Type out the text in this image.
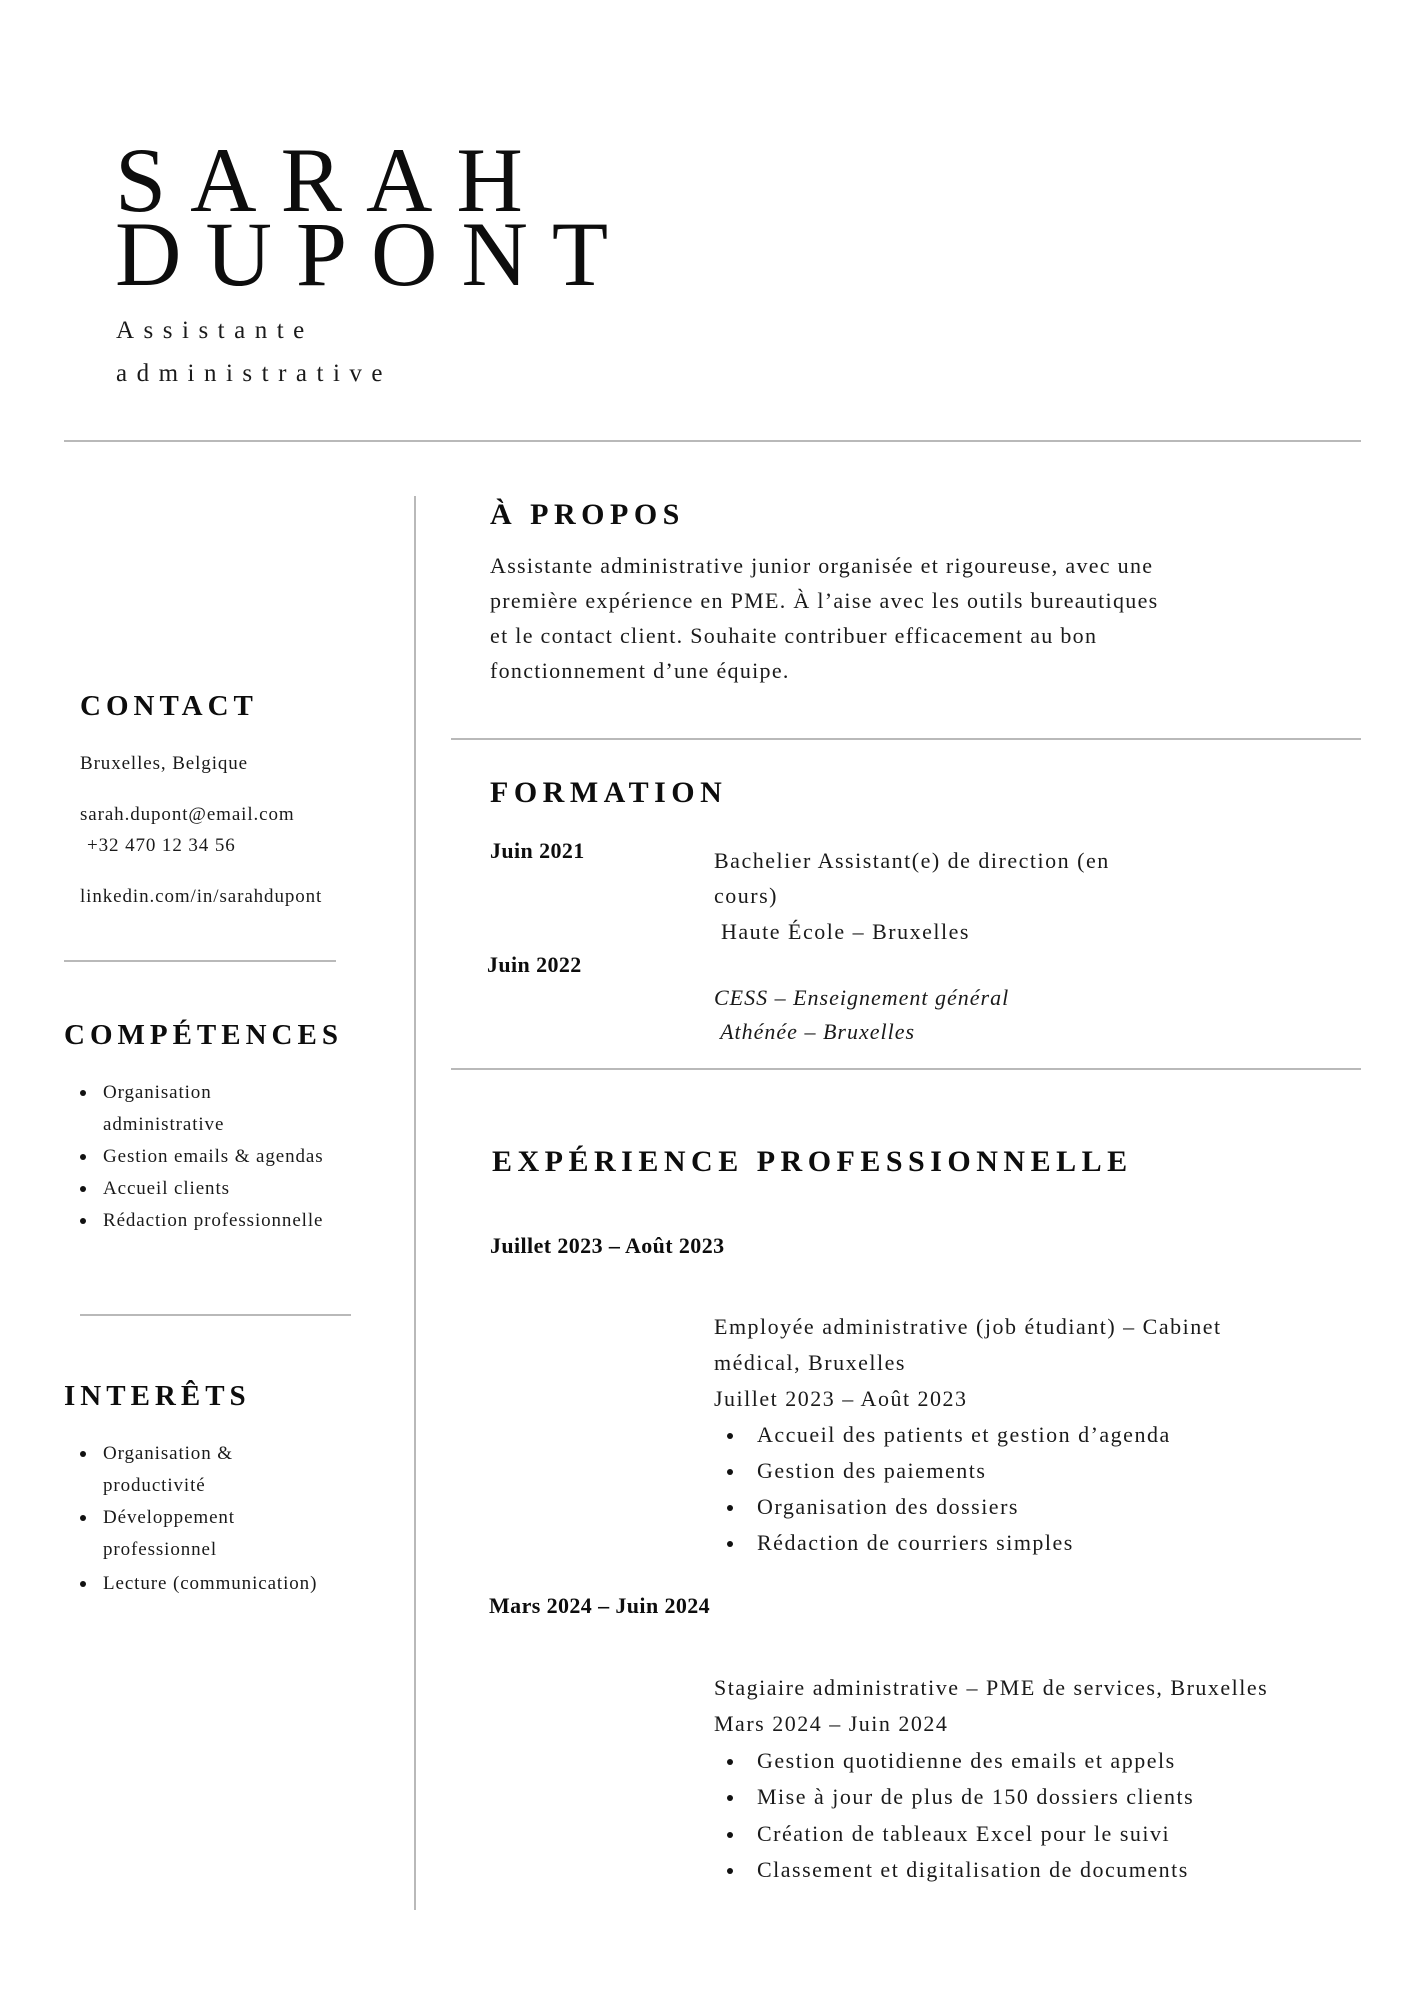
SARAH
DUPONT
Assistante
administrative
CONTACT
Bruxelles, Belgique
sarah.dupont@email.com
+32 470 12 34 56
linkedin.com/in/sarahdupont
COMPÉTENCES
Organisation
administrative
Gestion emails & agendas
Accueil clients
Rédaction professionnelle
INTERÊTS
Organisation &
productivité
Développement
professionnel
Lecture (communication)
À PROPOS
Assistante administrative junior organisée et rigoureuse, avec une
première expérience en PME. À l’aise avec les outils bureautiques
et le contact client. Souhaite contribuer efficacement au bon
fonctionnement d’une équipe.
FORMATION
Juin 2021	Bachelier Assistant(e) de direction (en
cours)
Haute École – Bruxelles
Juin 2022
CESS – Enseignement général
Athénée – Bruxelles
EXPÉRIENCE PROFESSIONNELLE
Juillet 2023 – Août 2023
Employée administrative (job étudiant) – Cabinet
médical, Bruxelles
Juillet 2023 – Août 2023
Accueil des patients et gestion d’agenda
Gestion des paiements
Organisation des dossiers
Rédaction de courriers simples
Mars 2024 – Juin 2024
Stagiaire administrative – PME de services, Bruxelles
Mars 2024 – Juin 2024
Gestion quotidienne des emails et appels
Mise à jour de plus de 150 dossiers clients
Création de tableaux Excel pour le suivi
Classement et digitalisation de documents
